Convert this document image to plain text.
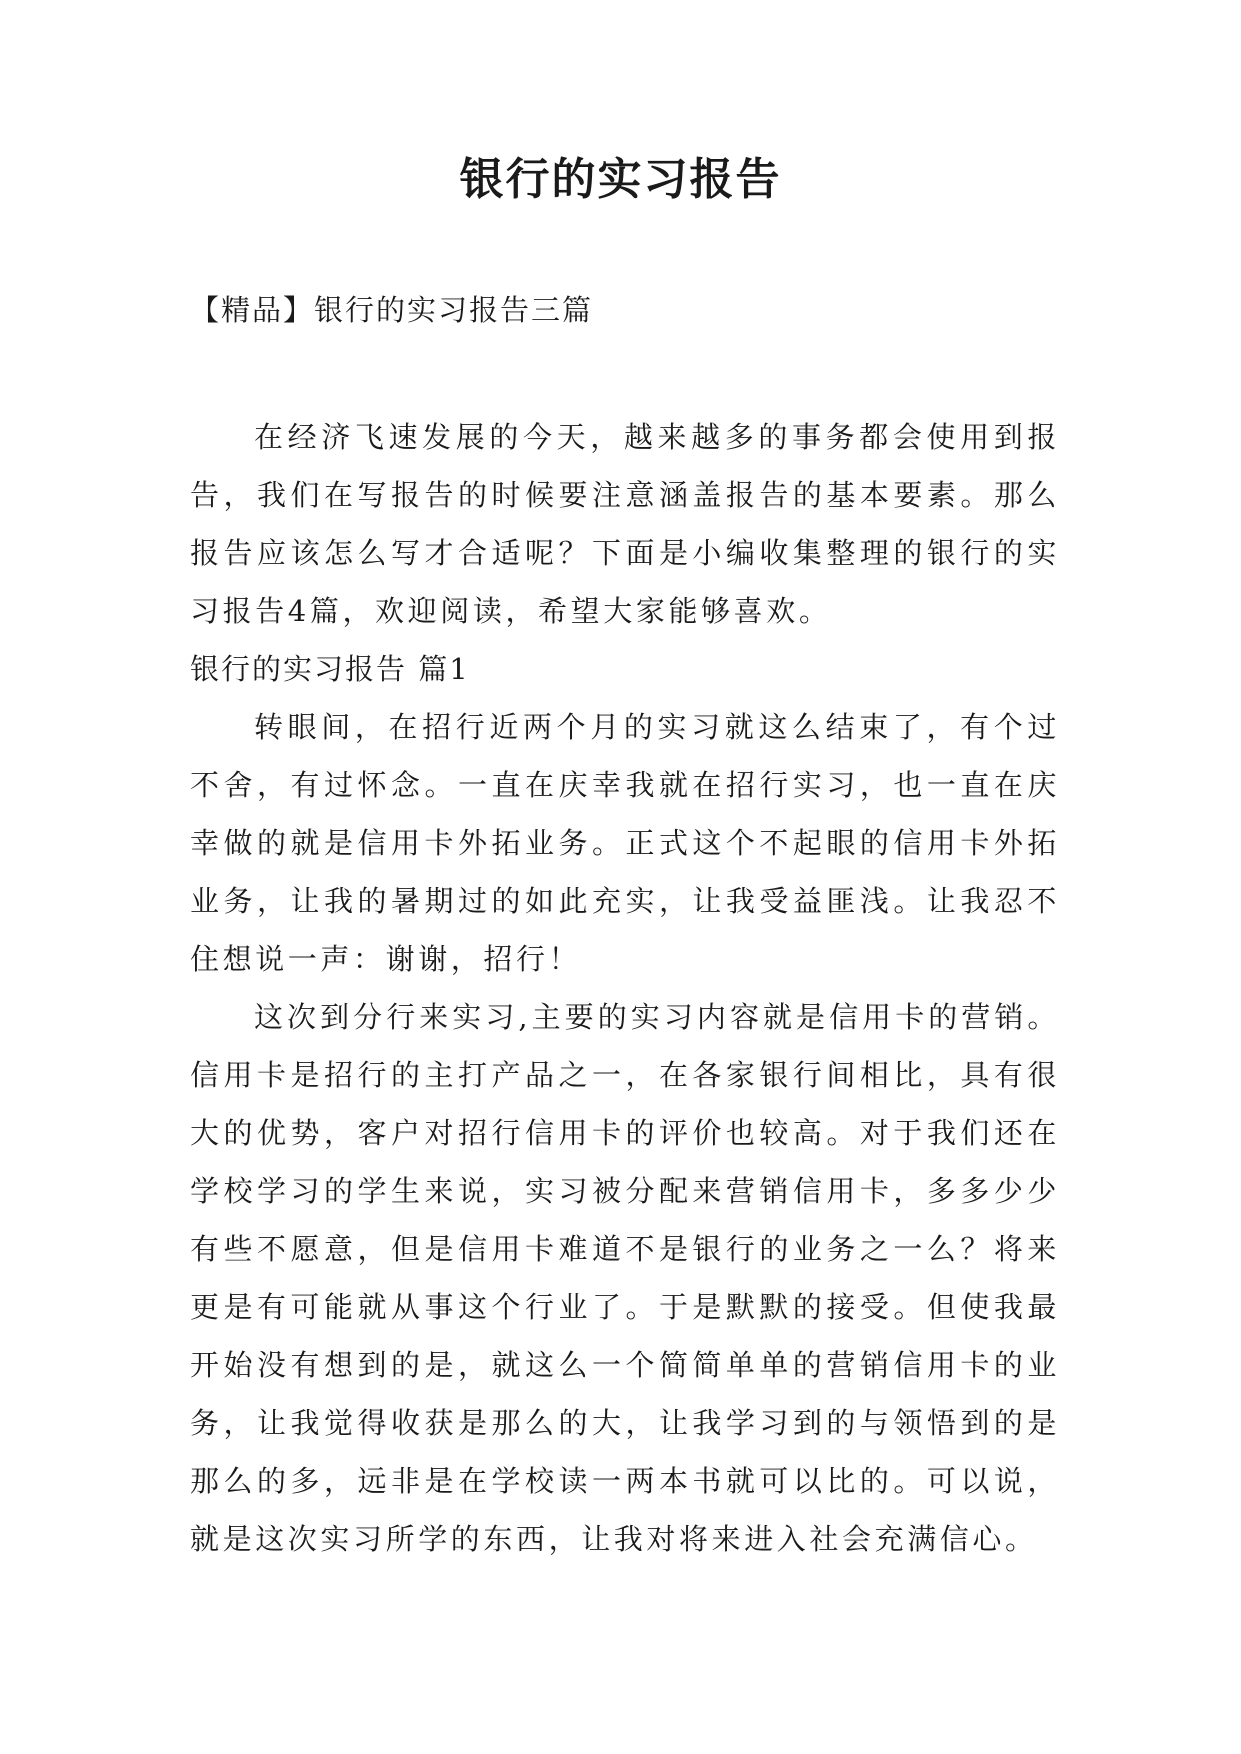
银行的实习报告
【精品】银行的实习报告三篇

在经济飞速发展的今天，越来越多的事务都会使用到报告，我们在写报告的时候要注意涵盖报告的基本要素。那么报告应该怎么写才合适呢？下面是小编收集整理的银行的实习报告4篇，欢迎阅读，希望大家能够喜欢。

银行的实习报告 篇1

转眼间，在招行近两个月的实习就这么结束了，有个过不舍，有过怀念。一直在庆幸我就在招行实习，也一直在庆幸做的就是信用卡外拓业务。正式这个不起眼的信用卡外拓业务，让我的暑期过的如此充实，让我受益匪浅。让我忍不住想说一声：谢谢，招行！

这次到分行来实习,主要的实习内容就是信用卡的营销。信用卡是招行的主打产品之一，在各家银行间相比，具有很大的优势，客户对招行信用卡的评价也较高。对于我们还在学校学习的学生来说，实习被分配来营销信用卡，多多少少有些不愿意，但是信用卡难道不是银行的业务之一么？将来更是有可能就从事这个行业了。于是默默的接受。但使我最开始没有想到的是，就这么一个简简单单的营销信用卡的业务，让我觉得收获是那么的大，让我学习到的与领悟到的是那么的多，远非是在学校读一两本书就可以比的。可以说，就是这次实习所学的东西，让我对将来进入社会充满信心。
